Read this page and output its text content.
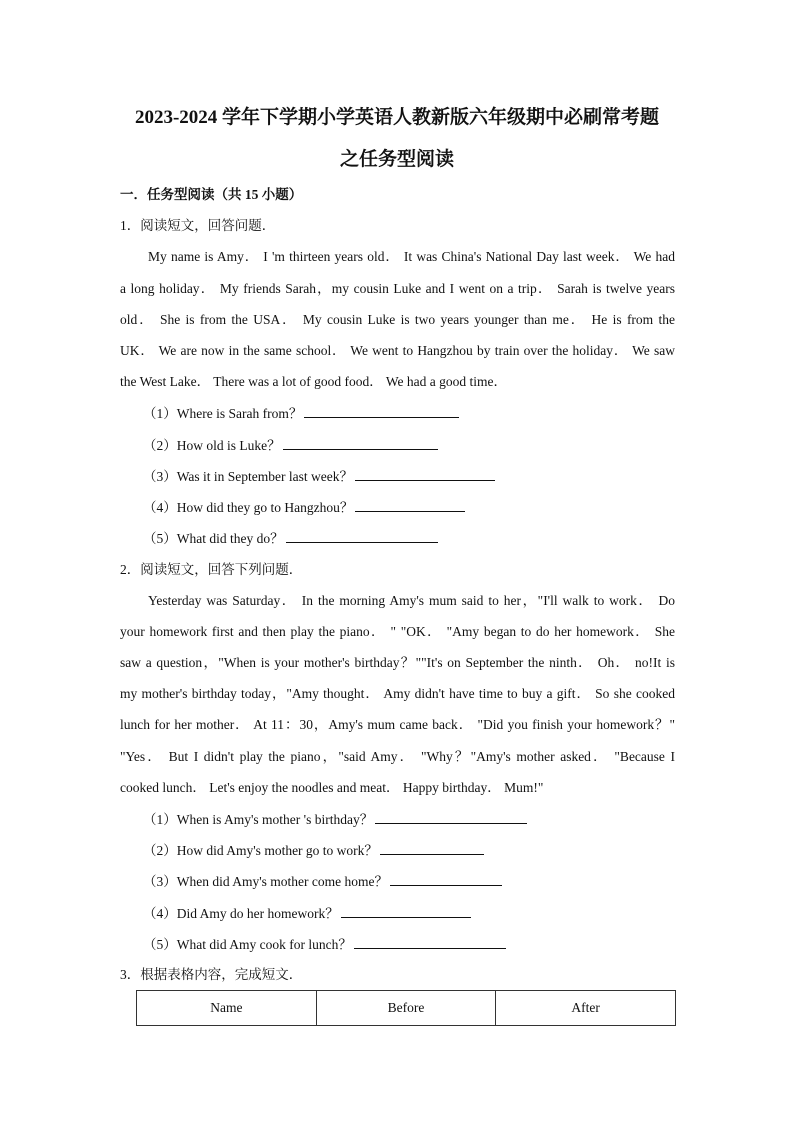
2023-2024 学年下学期小学英语人教新版六年级期中必刷常考题
之任务型阅读
一．任务型阅读（共 15 小题）
1．阅读短文，回答问题．
My name is Amy． I 'm thirteen years old． It was China's National Day last week． We had
a long holiday． My friends Sarah，my cousin Luke and I went on a trip． Sarah is twelve years
old． She is from the USA． My cousin Luke is two years younger than me． He is from the
UK． We are now in the same school． We went to Hangzhou by train over the holiday． We saw
the West Lake． There was a lot of good food． We had a good time．
（1）Where is Sarah from？
（2）How old is Luke？
（3）Was it in September last week？
（4）How did they go to Hangzhou？
（5）What did they do？
2．阅读短文，回答下列问题．
Yesterday was Saturday． In the morning Amy's mum said to her，"I'll walk to work． Do
your homework first and then play the piano． " "OK． "Amy began to do her homework． She
saw a question，"When is your mother's birthday？""It's on September the ninth． Oh． no!It is
my mother's birthday today，"Amy thought． Amy didn't have time to buy a gift． So she cooked
lunch for her mother． At 11：30，Amy's mum came back． "Did you finish your homework？"
"Yes． But I didn't play the piano，"said Amy． "Why？"Amy's mother asked． "Because I
cooked lunch． Let's enjoy the noodles and meat． Happy birthday． Mum!"
（1）When is Amy's mother 's birthday？
（2）How did Amy's mother go to work？
（3）When did Amy's mother come home？
（4）Did Amy do her homework？
（5）What did Amy cook for lunch？
3．根据表格内容，完成短文．
Name	Before	After
